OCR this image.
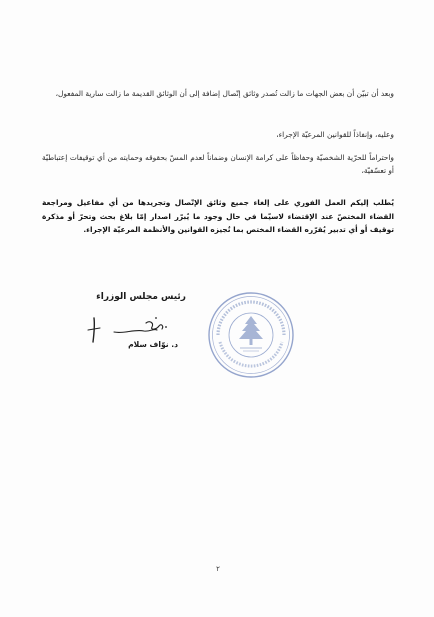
وبعد أن تبيّن أن بعض الجهات ما زالت تُصدر وثائق إتّصال إضافة إلى أن الوثائق القديمة ما زالت سارية المفعول،

وعليه، وإنفاذاً للقوانين المرعيّة الإجراء،

واحتراماً للحرّية الشخصيّة وحفاظاً على كرامة الإنسان وضماناً لعدم المسّ بحقوقه وحمايته من أي توقيفات إعتباطيّة أو تعسّفيّة،

يُطلب إليكم العمل الفوري على إلغاء جميع وثائق الإتّصال وتجريدها من أي مفاعيل ومراجعة القضاء المختصّ عند الإقتضاء لاسيّما في حال وجود ما يُبرّر اصدار إمّا بلاغ بحث وتحرّ أو مذكرة توقيف أو أي تدبير يُقرّره القضاء المختص بما تُجيزه القوانين والأنظمة المرعيّة الإجراء.

رئيس مجلس الوزراء
د. نوّاف سلام
٢
